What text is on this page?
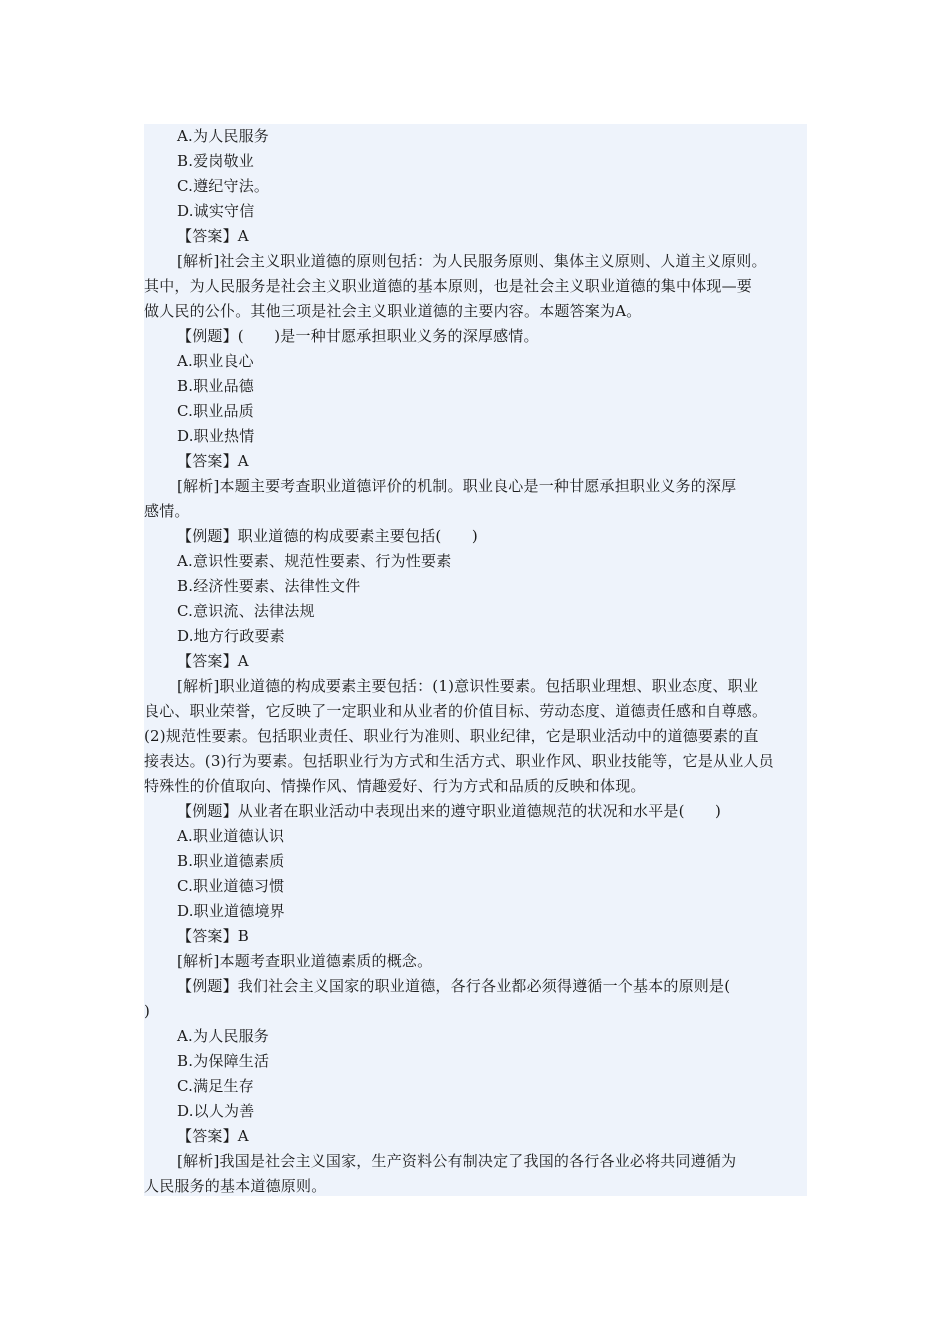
A.为人民服务
B.爱岗敬业
C.遵纪守法。
D.诚实守信
【答案】A
[解析]社会主义职业道德的原则包括：为人民服务原则、集体主义原则、人道主义原则。
其中，为人民服务是社会主义职业道德的基本原则，也是社会主义职业道德的集中体现—要
做人民的公仆。其他三项是社会主义职业道德的主要内容。本题答案为A。
【例题】(　　)是一种甘愿承担职业义务的深厚感情。
A.职业良心
B.职业品德
C.职业品质
D.职业热情
【答案】A
[解析]本题主要考查职业道德评价的机制。职业良心是一种甘愿承担职业义务的深厚
感情。
【例题】职业道德的构成要素主要包括(　　)
A.意识性要素、规范性要素、行为性要素
B.经济性要素、法律性文件
C.意识流、法律法规
D.地方行政要素
【答案】A
[解析]职业道德的构成要素主要包括：(1)意识性要素。包括职业理想、职业态度、职业
良心、职业荣誉，它反映了一定职业和从业者的价值目标、劳动态度、道德责任感和自尊感。
(2)规范性要素。包括职业责任、职业行为准则、职业纪律，它是职业活动中的道德要素的直
接表达。(3)行为要素。包括职业行为方式和生活方式、职业作风、职业技能等，它是从业人员
特殊性的价值取向、情操作风、情趣爱好、行为方式和品质的反映和体现。
【例题】从业者在职业活动中表现出来的遵守职业道德规范的状况和水平是(　　)
A.职业道德认识
B.职业道德素质
C.职业道德习惯
D.职业道德境界
【答案】B
[解析]本题考查职业道德素质的概念。
【例题】我们社会主义国家的职业道德，各行各业都必须得遵循一个基本的原则是(
)
A.为人民服务
B.为保障生活
C.满足生存
D.以人为善
【答案】A
[解析]我国是社会主义国家，生产资料公有制决定了我国的各行各业必将共同遵循为
人民服务的基本道德原则。
